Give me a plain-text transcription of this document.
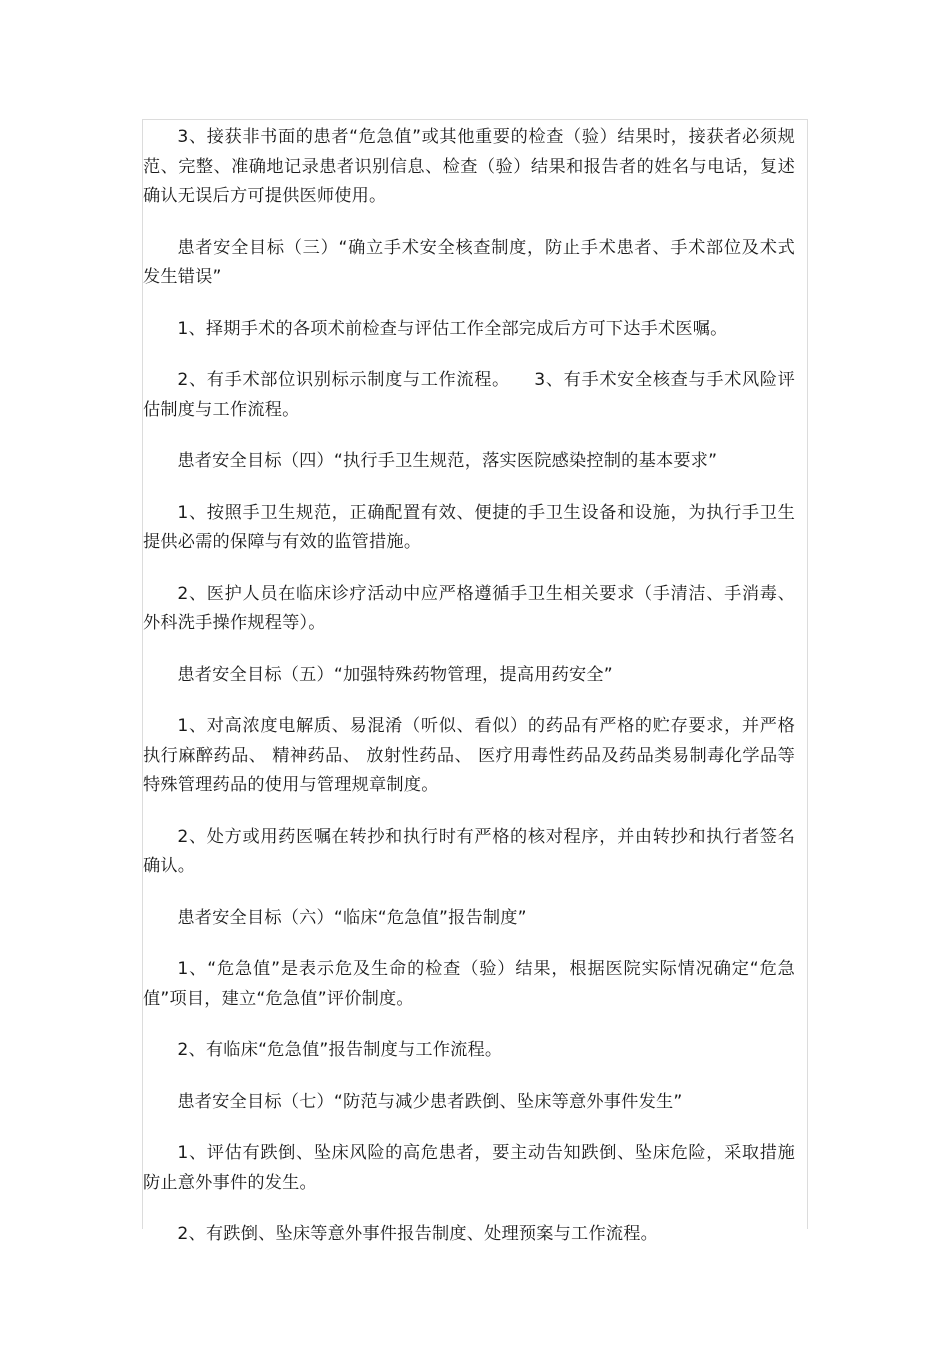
3、接获非书面的患者“危急值”或其他重要的检查（验）结果时，接获者必须规范、完整、准确地记录患者识别信息、检查（验）结果和报告者的姓名与电话，复述确认无误后方可提供医师使用。

患者安全目标（三）“确立手术安全核查制度，防止手术患者、手术部位及术式发生错误”

1、择期手术的各项术前检查与评估工作全部完成后方可下达手术医嘱。

2、有手术部位识别标示制度与工作流程。    3、有手术安全核查与手术风险评估制度与工作流程。

患者安全目标（四）“执行手卫生规范，落实医院感染控制的基本要求”

1、按照手卫生规范，正确配置有效、便捷的手卫生设备和设施，为执行手卫生提供必需的保障与有效的监管措施。

2、医护人员在临床诊疗活动中应严格遵循手卫生相关要求（手清洁、手消毒、外科洗手操作规程等）。

患者安全目标（五）“加强特殊药物管理，提高用药安全”

1、对高浓度电解质、易混淆（听似、看似）的药品有严格的贮存要求，并严格执行麻醉药品、 精神药品、 放射性药品、 医疗用毒性药品及药品类易制毒化学品等特殊管理药品的使用与管理规章制度。

2、处方或用药医嘱在转抄和执行时有严格的核对程序，并由转抄和执行者签名确认。

患者安全目标（六）“临床“危急值”报告制度”

1、“危急值”是表示危及生命的检查（验）结果，根据医院实际情况确定“危急值”项目，建立“危急值”评价制度。

2、有临床“危急值”报告制度与工作流程。

患者安全目标（七）“防范与减少患者跌倒、坠床等意外事件发生”

1、评估有跌倒、坠床风险的高危患者，要主动告知跌倒、坠床危险，采取措施防止意外事件的发生。

2、有跌倒、坠床等意外事件报告制度、处理预案与工作流程。
